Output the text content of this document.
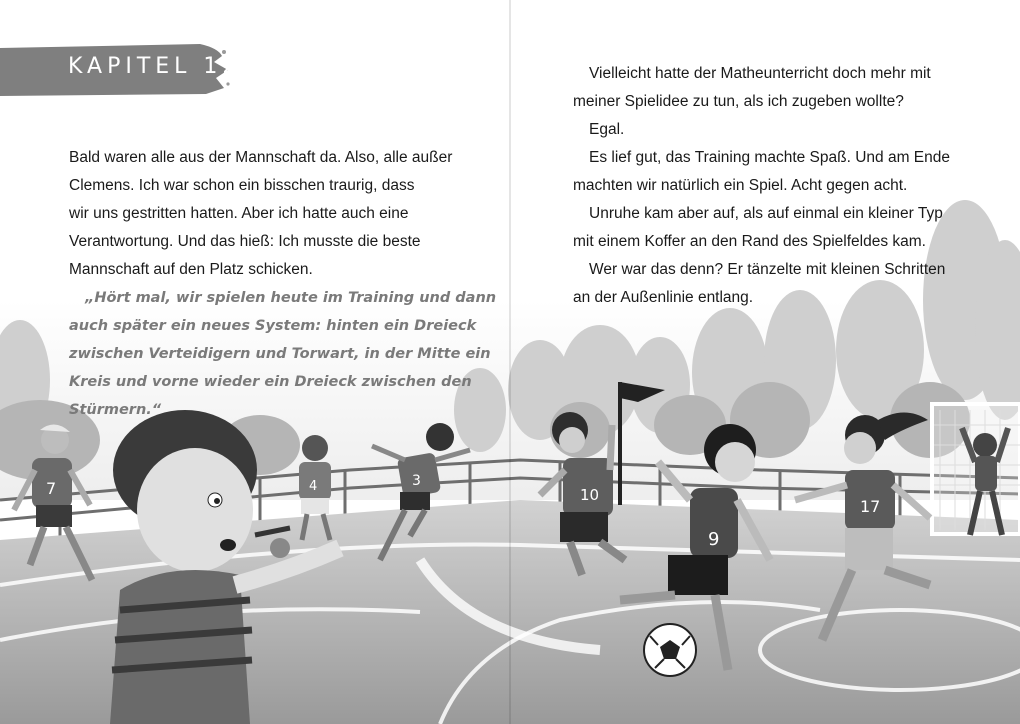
7	4	3
10
9
17
KAPITEL 12
Bald waren alle aus der Mannschaft da. Also, alle außer
Clemens. Ich war schon ein bisschen traurig, dass
wir uns gestritten hatten. Aber ich hatte auch eine
Verantwortung. Und das hieß: Ich musste die beste
Mannschaft auf den Platz schicken.
„Hört mal, wir spielen heute im Training und dann
auch später ein neues System: hinten ein Dreieck
zwischen Verteidigern und Torwart, in der Mitte ein
Kreis und vorne wieder ein Dreieck zwischen den
Stürmern.“
Vielleicht hatte der Matheunterricht doch mehr mit
meiner Spielidee zu tun, als ich zugeben wollte?
Egal.
Es lief gut, das Training machte Spaß. Und am Ende
machten wir natürlich ein Spiel. Acht gegen acht.
Unruhe kam aber auf, als auf einmal ein kleiner Typ
mit einem Koffer an den Rand des Spielfeldes kam.
Wer war das denn? Er tänzelte mit kleinen Schritten
an der Außenlinie entlang.
